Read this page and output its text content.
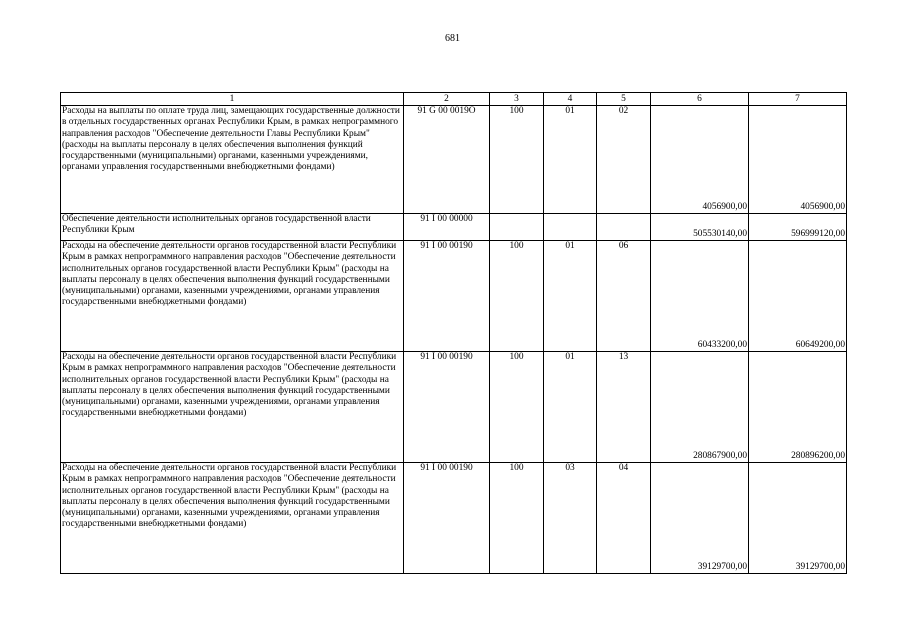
681
1	2	3	4	5	6	7
Расходы на выплаты по оплате труда лиц, замещающих государственные должности в отдельных государственных органах Республики Крым, в рамках непрограммного направления расходов "Обеспечение деятельности Главы Республики Крым" (расходы на выплаты персоналу в целях обеспечения выполнения функций государственными (муниципальными) органами, казенными учреждениями, органами управления государственными внебюджетными фондами)	91 G 00 0019O	100	01	02	4056900,00	4056900,00
Обеспечение деятельности исполнительных органов государственной власти Республики Крым	91 I 00 00000				505530140,00	596999120,00
Расходы на обеспечение деятельности органов государственной власти Республики Крым в рамках непрограммного направления расходов "Обеспечение деятельности исполнительных органов государственной власти Республики Крым" (расходы на выплаты персоналу в целях обеспечения выполнения функций государственными (муниципальными) органами, казенными учреждениями, органами управления государственными внебюджетными фондами)	91 I 00 00190	100	01	06	60433200,00	60649200,00
Расходы на обеспечение деятельности органов государственной власти Республики Крым в рамках непрограммного направления расходов "Обеспечение деятельности исполнительных органов государственной власти Республики Крым" (расходы на выплаты персоналу в целях обеспечения выполнения функций государственными (муниципальными) органами, казенными учреждениями, органами управления государственными внебюджетными фондами)	91 I 00 00190	100	01	13	280867900,00	280896200,00
Расходы на обеспечение деятельности органов государственной власти Республики Крым в рамках непрограммного направления расходов "Обеспечение деятельности исполнительных органов государственной власти Республики Крым" (расходы на выплаты персоналу в целях обеспечения выполнения функций государственными (муниципальными) органами, казенными учреждениями, органами управления государственными внебюджетными фондами)	91 I 00 00190	100	03	04	39129700,00	39129700,00
